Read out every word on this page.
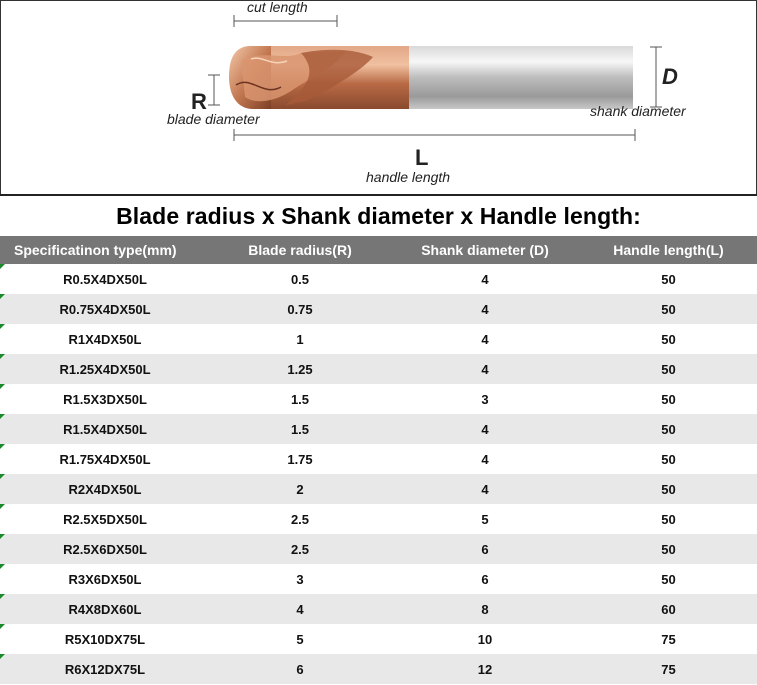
cut length
R
blade diameter
D
shank diameter
L
handle length
Blade radius x Shank diameter x Handle length:
Specificatinon type(mm)	Blade radius(R)	Shank diameter (D)	Handle length(L)
R0.5X4DX50L	0.5	4	50
R0.75X4DX50L	0.75	4	50
R1X4DX50L	1	4	50
R1.25X4DX50L	1.25	4	50
R1.5X3DX50L	1.5	3	50
R1.5X4DX50L	1.5	4	50
R1.75X4DX50L	1.75	4	50
R2X4DX50L	2	4	50
R2.5X5DX50L	2.5	5	50
R2.5X6DX50L	2.5	6	50
R3X6DX50L	3	6	50
R4X8DX60L	4	8	60
R5X10DX75L	5	10	75
R6X12DX75L	6	12	75
